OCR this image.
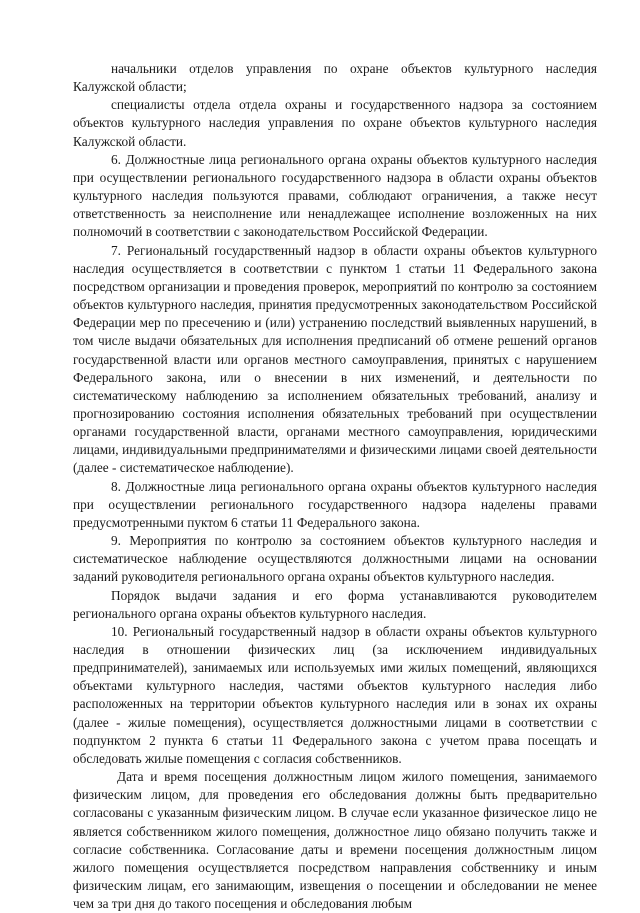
начальники отделов управления по охране объектов культурного наследия Калужской области;

специалисты отдела отдела охраны и государственного надзора за состоянием объектов культурного наследия управления по охране объектов культурного наследия Калужской области.

6. Должностные лица регионального органа охраны объектов культурного наследия при осуществлении регионального государственного надзора в области охраны объектов культурного наследия пользуются правами, соблюдают ограничения, а также несут ответственность за неисполнение или ненадлежащее исполнение возложенных на них полномочий в соответствии с законодательством Российской Федерации.

7. Региональный государственный надзор в области охраны объектов культурного наследия осуществляется в соответствии с пунктом 1 статьи 11 Федерального закона посредством организации и проведения проверок, мероприятий по контролю за состоянием объектов культурного наследия, принятия предусмотренных законодательством Российской Федерации мер по пресечению и (или) устранению последствий выявленных нарушений, в том числе выдачи обязательных для исполнения предписаний об отмене решений органов государственной власти или органов местного самоуправления, принятых с нарушением Федерального закона, или о внесении в них изменений, и деятельности по систематическому наблюдению за исполнением обязательных требований, анализу и прогнозированию состояния исполнения обязательных требований при осуществлении органами государственной власти, органами местного самоуправления, юридическими лицами, индивидуальными предпринимателями и физическими лицами своей деятельности (далее - систематическое наблюдение).

8. Должностные лица регионального органа охраны объектов культурного наследия при осуществлении регионального государственного надзора наделены правами предусмотренными пуктом 6 статьи 11 Федерального закона.

9. Мероприятия по контролю за состоянием объектов культурного наследия и систематическое наблюдение осуществляются должностными лицами на основании заданий руководителя регионального органа охраны объектов культурного наследия.

Порядок выдачи задания и его форма устанавливаются руководителем регионального органа охраны объектов культурного наследия.

10. Региональный государственный надзор в области охраны объектов культурного наследия в отношении физических лиц (за исключением индивидуальных предпринимателей), занимаемых или используемых ими жилых помещений, являющихся объектами культурного наследия, частями объектов культурного наследия либо расположенных на территории объектов культурного наследия или в зонах их охраны (далее - жилые помещения), осуществляется должностными лицами в соответствии с подпунктом 2 пункта 6 статьи 11 Федерального закона с учетом права посещать и обследовать жилые помещения с согласия собственников.

Дата и время посещения должностным лицом жилого помещения, занимаемого физическим лицом, для проведения его обследования должны быть предварительно согласованы с указанным физическим лицом. В случае если указанное физическое лицо не является собственником жилого помещения, должностное лицо обязано получить также и согласие собственника. Согласование даты и времени посещения должностным лицом жилого помещения осуществляется посредством направления собственнику и иным физическим лицам, его занимающим, извещения о посещении и обследовании не менее чем за три дня до такого посещения и обследования любым
